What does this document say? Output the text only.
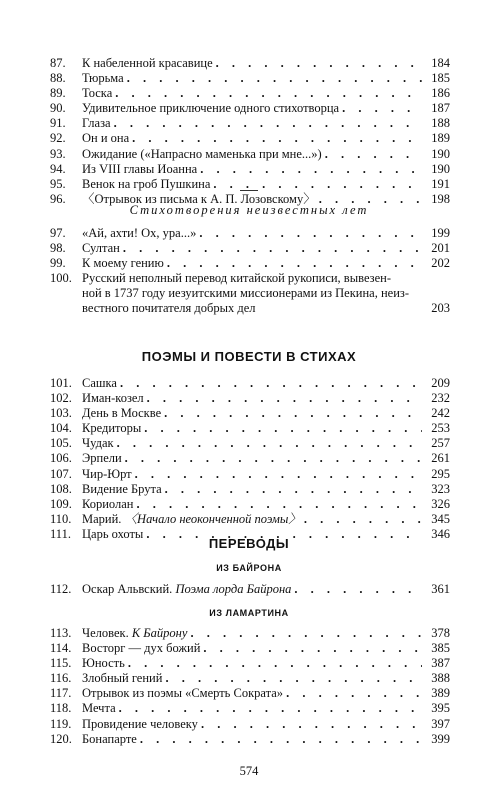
87.	К набеленной красавице . . .	184
88.	Тюрьма . . .	185
89.	Тоска . . .	186
90.	Удивительное приключение одного стихотворца . . .	187
91.	Глаза . . .	188
92.	Он и она . . .	189
93.	Ожидание («Напрасно маменька при мне...») . . .	190
94.	Из VIII главы Иоанна . . .	190
95.	Венок на гроб Пушкина . . .	191
96.	〈Отрывок из письма к А. П. Лозовскому〉 . . .	198
Стихотворения неизвестных лет
97.	«Ай, ахти! Ох, ура...» . . .	199
98.	Султан . . .	201
99.	К моему гению . . .	202
100. Русский неполный перевод китайской рукописи, вывезен-
ной в 1737 году иезуитскими миссионерами из Пекина, неиз-
вестного почитателя добрых дел	203
ПОЭМЫ И ПОВЕСТИ В СТИХАХ
101. Сашка . . .	209
102. Иман-козел . . .	232
103. День в Москве . . .	242
104. Кредиторы . . .	253
105. Чудак . . .	257
106. Эрпели . . .	261
107. Чир-Юрт . . .	295
108. Видение Брута . . .	323
109. Кориолан . . .	326
110. Марий. 〈Начало неоконченной поэмы〉 . . .	345
111. Царь охоты . . .	346
ПЕРЕВОДЫ
ИЗ БАЙРОНА
112. Оскар Альвский. Поэма лорда Байрона . . .	361
ИЗ ЛАМАРТИНА
113. Человек. К Байрону . . .	378
114. Восторг — дух божий . . .	385
115. Юность . . .	387
116. Злобный гений . . .	388
117. Отрывок из поэмы «Смерть Сократа» . . .	389
118. Мечта . . .	395
119. Провидение человеку . . .	397
120. Бонапарте . . .	399
574
